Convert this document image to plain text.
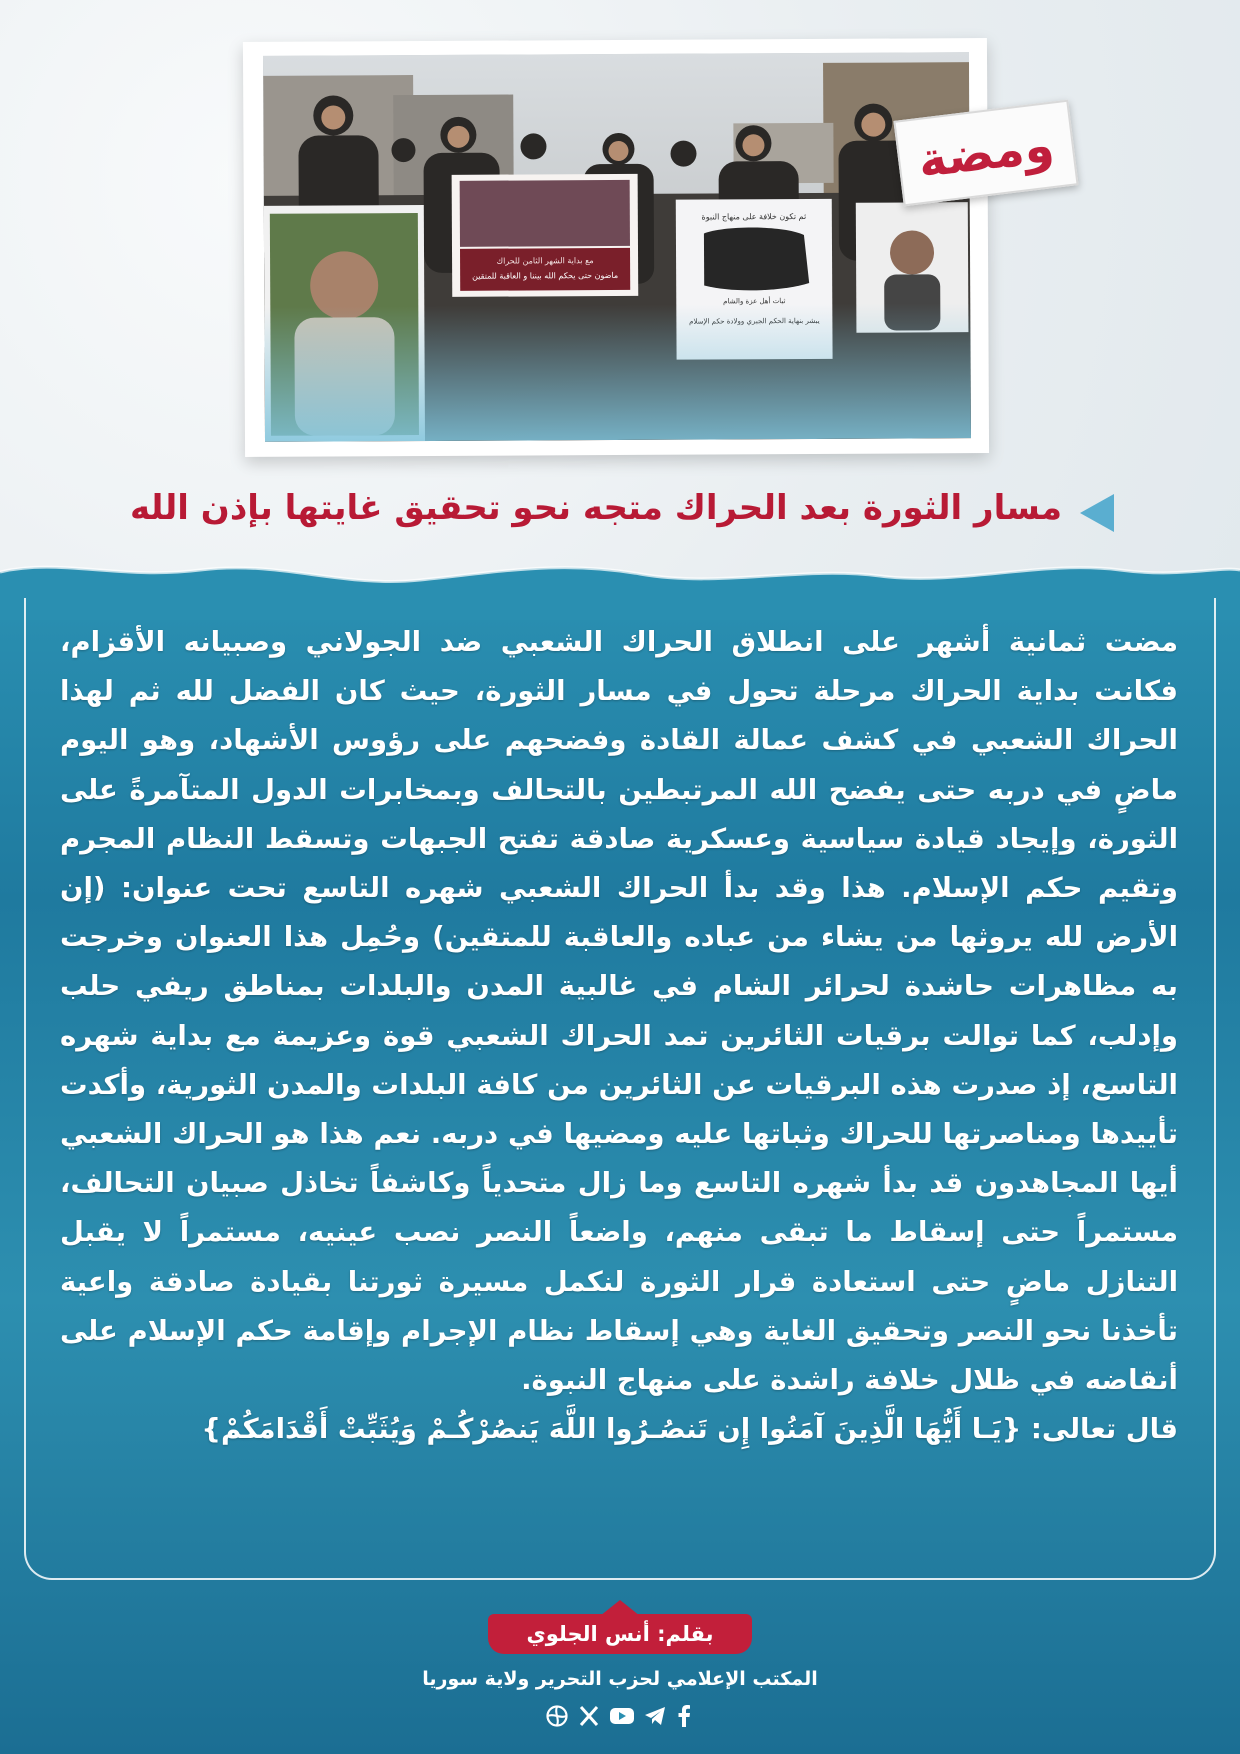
ومضة
مسار الثورة بعد الحراك متجه نحو تحقيق غايتها بإذن الله

مضت ثمانية أشهر على انطلاق الحراك الشعبي ضد الجولاني وصبيانه الأقزام، فكانت بداية الحراك مرحلة تحول في مسار الثورة، حيث كان الفضل لله ثم لهذا الحراك الشعبي في كشف عمالة القادة وفضحهم على رؤوس الأشهاد، وهو اليوم ماضٍ في دربه حتى يفضح الله المرتبطين بالتحالف وبمخابرات الدول المتآمرةً على الثورة، وإيجاد قيادة سياسية وعسكرية صادقة تفتح الجبهات وتسقط النظام المجرم وتقيم حكم الإسلام. هذا وقد بدأ الحراك الشعبي شهره التاسع تحت عنوان: (إن الأرض لله يروثها من يشاء من عباده والعاقبة للمتقين) وحُمِل هذا العنوان وخرجت به مظاهرات حاشدة لحرائر الشام في غالبية المدن والبلدات بمناطق ريفي حلب وإدلب، كما توالت برقيات الثائرين تمد الحراك الشعبي قوة وعزيمة مع بداية شهره التاسع، إذ صدرت هذه البرقيات عن الثائرين من كافة البلدات والمدن الثورية، وأكدت تأييدها ومناصرتها للحراك وثباتها عليه ومضيها في دربه. نعم هذا هو الحراك الشعبي أيها المجاهدون قد بدأ شهره التاسع وما زال متحدياً وكاشفاً تخاذل صبيان التحالف، مستمراً حتى إسقاط ما تبقى منهم، واضعاً النصر نصب عينيه، مستمراً لا يقبل التنازل ماضٍ حتى استعادة قرار الثورة لنكمل مسيرة ثورتنا بقيادة صادقة واعية تأخذنا نحو النصر وتحقيق الغاية وهي إسقاط نظام الإجرام وإقامة حكم الإسلام على أنقاضه في ظلال خلافة راشدة على منهاج النبوة.

قال تعالى: {يَـا أَيُّهَا الَّذِينَ آمَنُوا إِن تَنصُـرُوا اللَّهَ يَنصُرْكُـمْ وَيُثَبِّتْ أَقْدَامَكُمْ}

بقلم: أنس الجلوي
المكتب الإعلامي لحزب التحرير ولاية سوريا
